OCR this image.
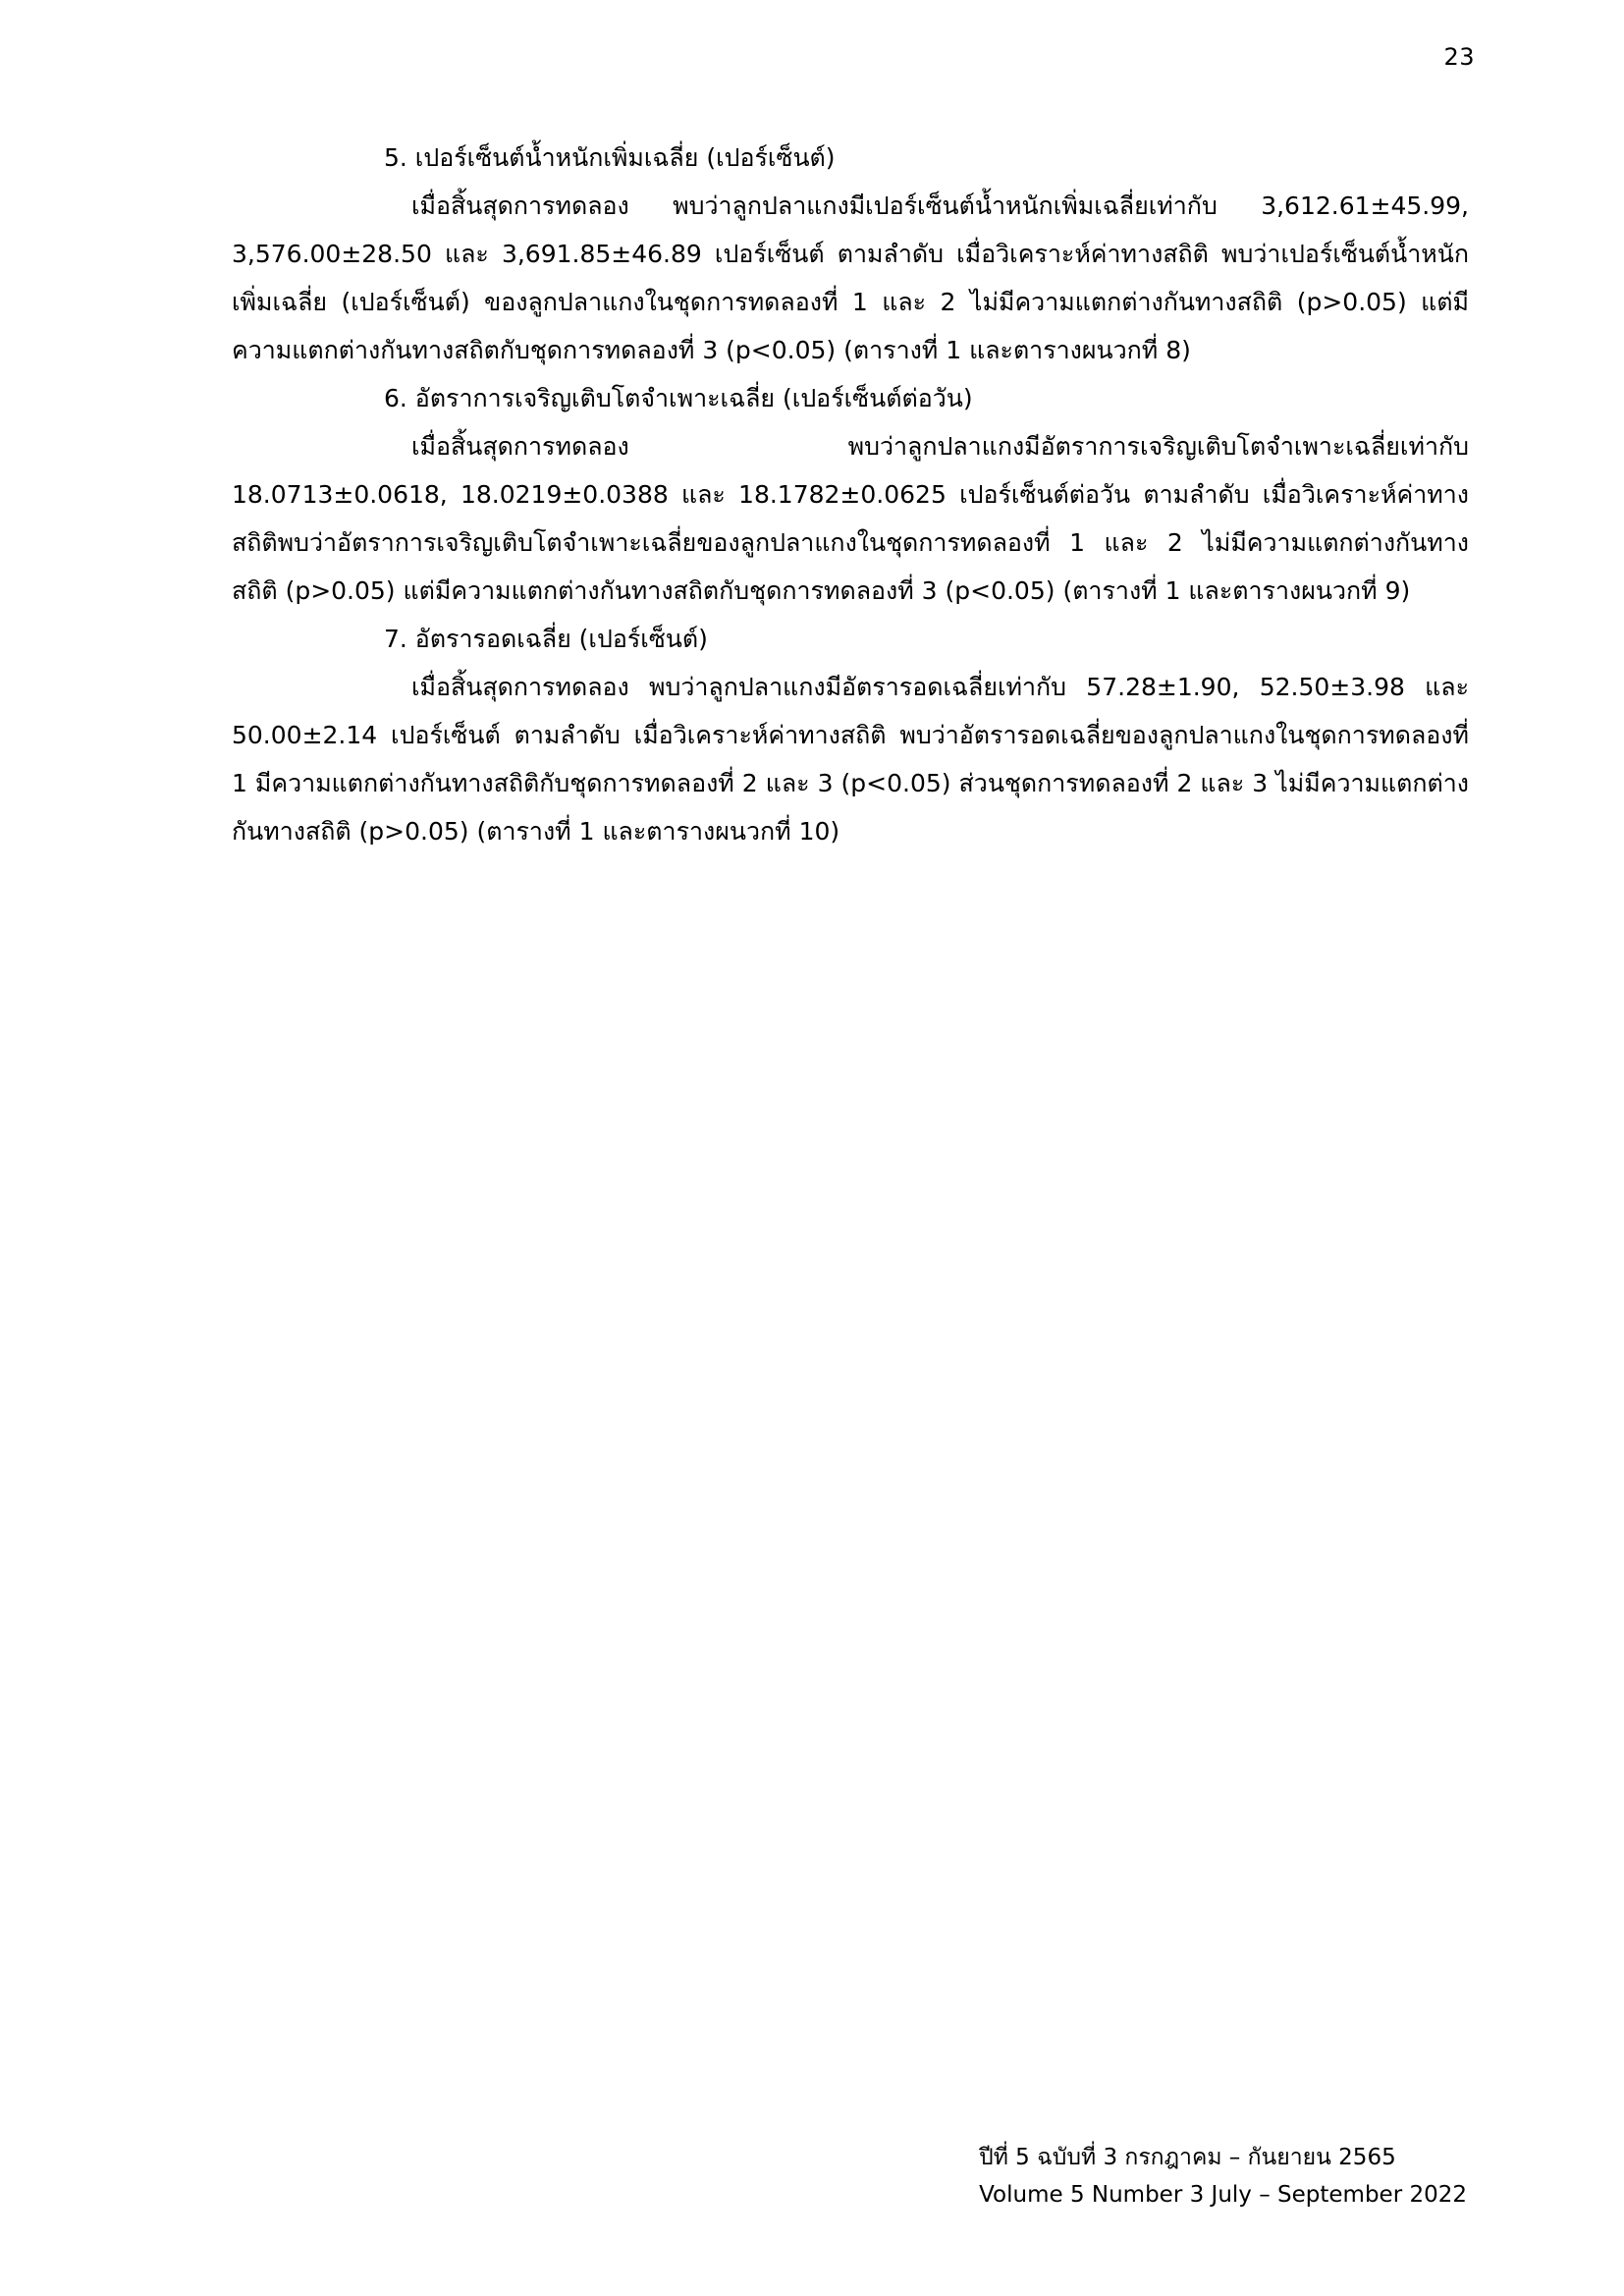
23

5. เปอร์เซ็นต์น้ำหนักเพิ่มเฉลี่ย (เปอร์เซ็นต์)

เมื่อสิ้นสุดการทดลอง พบว่าลูกปลาแกงมีเปอร์เซ็นต์น้ำหนักเพิ่มเฉลี่ยเท่ากับ 3,612.61±45.99, 3,576.00±28.50 และ 3,691.85±46.89 เปอร์เซ็นต์ ตามลำดับ เมื่อวิเคราะห์ค่าทางสถิติ พบว่าเปอร์เซ็นต์น้ำหนักเพิ่มเฉลี่ย (เปอร์เซ็นต์) ของลูกปลาแกงในชุดการทดลองที่ 1 และ 2 ไม่มีความแตกต่างกันทางสถิติ (p>0.05) แต่มีความแตกต่างกันทางสถิตกับชุดการทดลองที่ 3 (p<0.05) (ตารางที่ 1 และตารางผนวกที่ 8)

6. อัตราการเจริญเติบโตจำเพาะเฉลี่ย (เปอร์เซ็นต์ต่อวัน)

เมื่อสิ้นสุดการทดลอง พบว่าลูกปลาแกงมีอัตราการเจริญเติบโตจำเพาะเฉลี่ยเท่ากับ 18.0713±0.0618, 18.0219±0.0388 และ 18.1782±0.0625 เปอร์เซ็นต์ต่อวัน ตามลำดับ เมื่อวิเคราะห์ค่าทางสถิติพบว่าอัตราการเจริญเติบโตจำเพาะเฉลี่ยของลูกปลาแกงในชุดการทดลองที่ 1 และ 2 ไม่มีความแตกต่างกันทางสถิติ (p>0.05) แต่มีความแตกต่างกันทางสถิตกับชุดการทดลองที่ 3 (p<0.05) (ตารางที่ 1 และตารางผนวกที่ 9)

7. อัตรารอดเฉลี่ย (เปอร์เซ็นต์)

เมื่อสิ้นสุดการทดลอง พบว่าลูกปลาแกงมีอัตรารอดเฉลี่ยเท่ากับ 57.28±1.90, 52.50±3.98 และ 50.00±2.14 เปอร์เซ็นต์ ตามลำดับ เมื่อวิเคราะห์ค่าทางสถิติ พบว่าอัตรารอดเฉลี่ยของลูกปลาแกงในชุดการทดลองที่ 1 มีความแตกต่างกันทางสถิติกับชุดการทดลองที่ 2 และ 3 (p<0.05) ส่วนชุดการทดลองที่ 2 และ 3 ไม่มีความแตกต่างกันทางสถิติ (p>0.05) (ตารางที่ 1 และตารางผนวกที่ 10)

ปีที่ 5 ฉบับที่ 3 กรกฎาคม – กันยายน 2565
Volume 5 Number 3 July – September 2022
